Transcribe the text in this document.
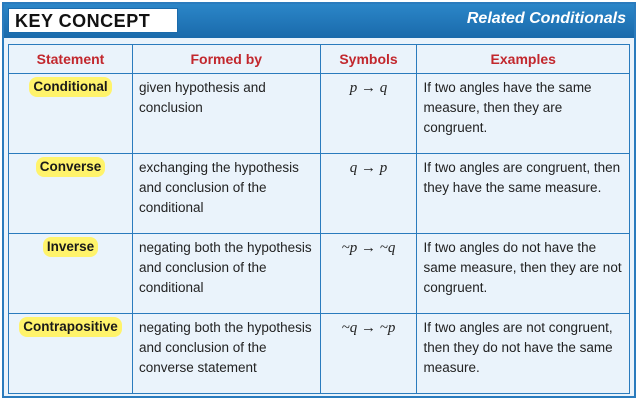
KEY CONCEPT	Related Conditionals
Statement	Formed by	Symbols	Examples
Conditional	given hypothesis and conclusion	p → q	If two angles have the same measure, then they are congruent.
Converse	exchanging the hypothesis and conclusion of the conditional	q → p	If two angles are congruent, then they have the same measure.
Inverse	negating both the hypothesis and conclusion of the conditional	~p → ~q	If two angles do not have the same measure, then they are not congruent.
Contrapositive	negating both the hypothesis and conclusion of the converse statement	~q → ~p	If two angles are not congruent, then they do not have the same measure.
